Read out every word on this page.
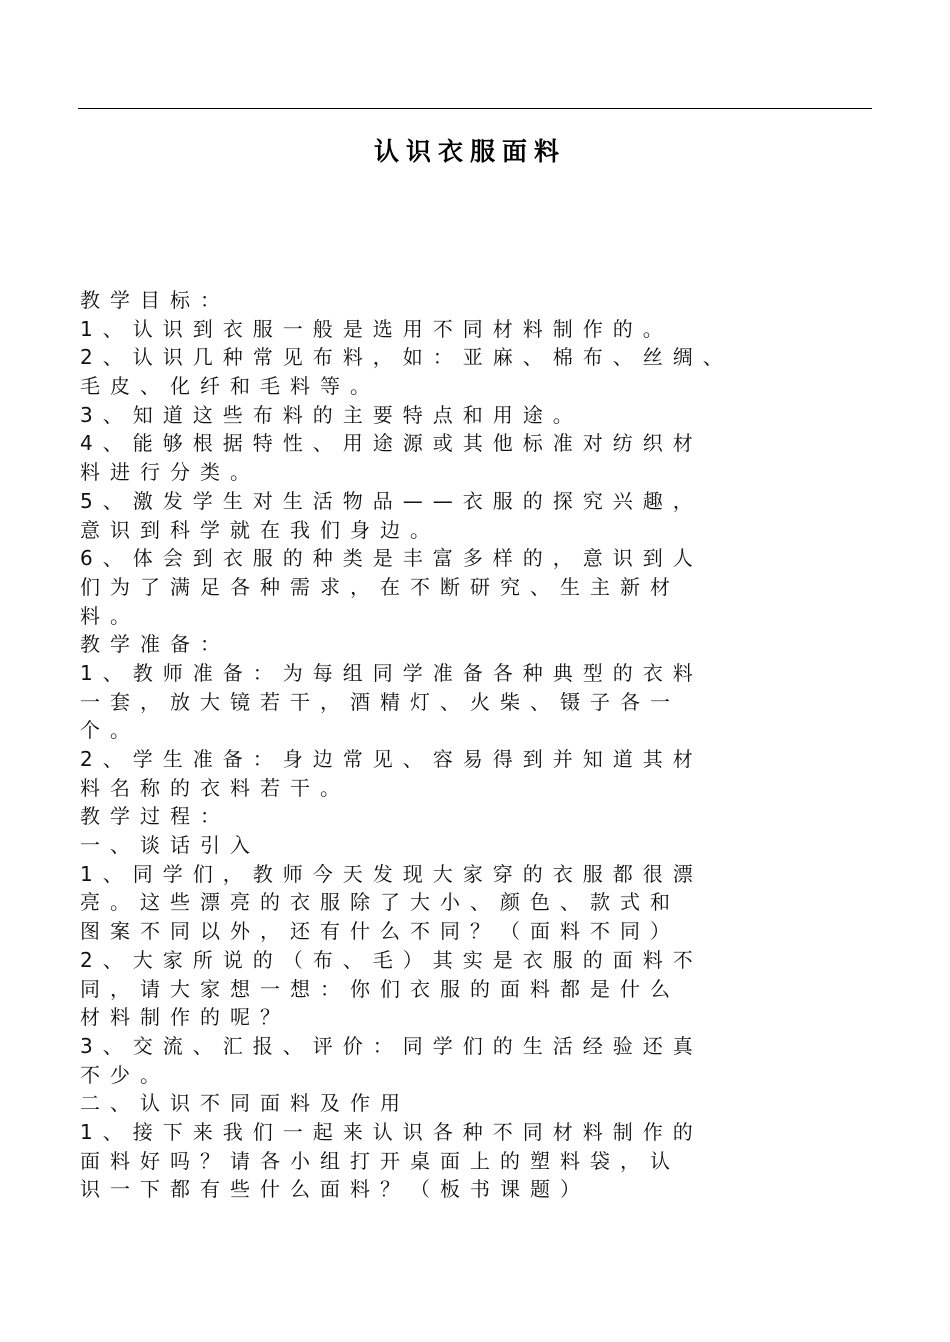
认识衣服面料
教学目标：
1、认识到衣服一般是选用不同材料制作的。
2、认识几种常见布料，如：亚麻、棉布、丝绸、
毛皮、化纤和毛料等。
3、知道这些布料的主要特点和用途。
4、能够根据特性、用途源或其他标准对纺织材
料进行分类。
5、激发学生对生活物品——衣服的探究兴趣，
意识到科学就在我们身边。
6、体会到衣服的种类是丰富多样的，意识到人
们为了满足各种需求，在不断研究、生主新材
料。
教学准备：
1、教师准备：为每组同学准备各种典型的衣料
一套，放大镜若干，酒精灯、火柴、镊子各一
个。
2、学生准备：身边常见、容易得到并知道其材
料名称的衣料若干。
教学过程：
一、谈话引入
1、同学们，教师今天发现大家穿的衣服都很漂
亮。这些漂亮的衣服除了大小、颜色、款式和
图案不同以外，还有什么不同？（面料不同）
2、大家所说的（布、毛）其实是衣服的面料不
同，请大家想一想：你们衣服的面料都是什么
材料制作的呢？
3、交流、汇报、评价：同学们的生活经验还真
不少。
二、认识不同面料及作用
1、接下来我们一起来认识各种不同材料制作的
面料好吗？请各小组打开桌面上的塑料袋，认
识一下都有些什么面料？（板书课题）
